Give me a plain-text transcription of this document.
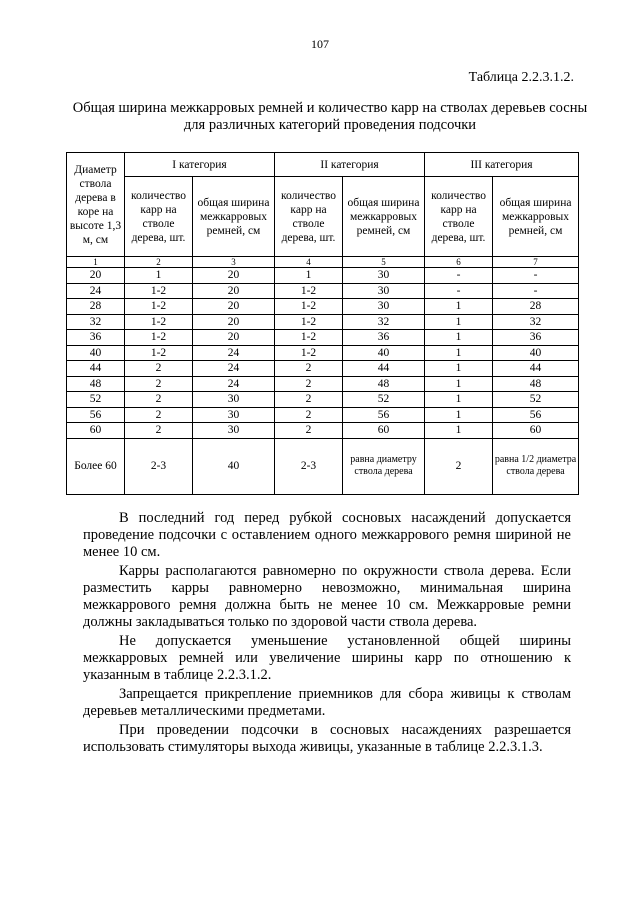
107
Таблица 2.2.3.1.2.
Общая ширина межкарровых ремней и количество карр на стволах деревьев сосны для различных категорий проведения подсочки
Диаметр ствола дерева в коре на высоте 1,3 м, см	I категория		II категория		III категория	
	количество карр на стволе дерева, шт.	общая ширина межкарровых ремней, см	количество карр на стволе дерева, шт.	общая ширина межкарровых ремней, см	количество карр на стволе дерева, шт.	общая ширина межкарровых ремней, см
1	2	3	4	5	6	7
20	1	20	1	30	-	-
24	1-2	20	1-2	30	-	-
28	1-2	20	1-2	30	1	28
32	1-2	20	1-2	32	1	32
36	1-2	20	1-2	36	1	36
40	1-2	24	1-2	40	1	40
44	2	24	2	44	1	44
48	2	24	2	48	1	48
52	2	30	2	52	1	52
56	2	30	2	56	1	56
60	2	30	2	60	1	60
Более 60	2-3	40	2-3	равна диаметру ствола дерева	2	равна 1/2 диаметра ствола дерева

В последний год перед рубкой сосновых насаждений допускается проведение подсочки с оставлением одного межкаррового ремня шириной не менее 10 см.

Карры располагаются равномерно по окружности ствола дерева. Если разместить карры равномерно невозможно, минимальная ширина межкаррового ремня должна быть не менее 10 см. Межкарровые ремни должны закладываться только по здоровой части ствола дерева.

Не допускается уменьшение установленной общей ширины межкарровых ремней или увеличение ширины карр по отношению к указанным в таблице 2.2.3.1.2.

Запрещается прикрепление приемников для сбора живицы к стволам деревьев металлическими предметами.

При проведении подсочки в сосновых насаждениях разрешается использовать стимуляторы выхода живицы, указанные в таблице 2.2.3.1.3.
